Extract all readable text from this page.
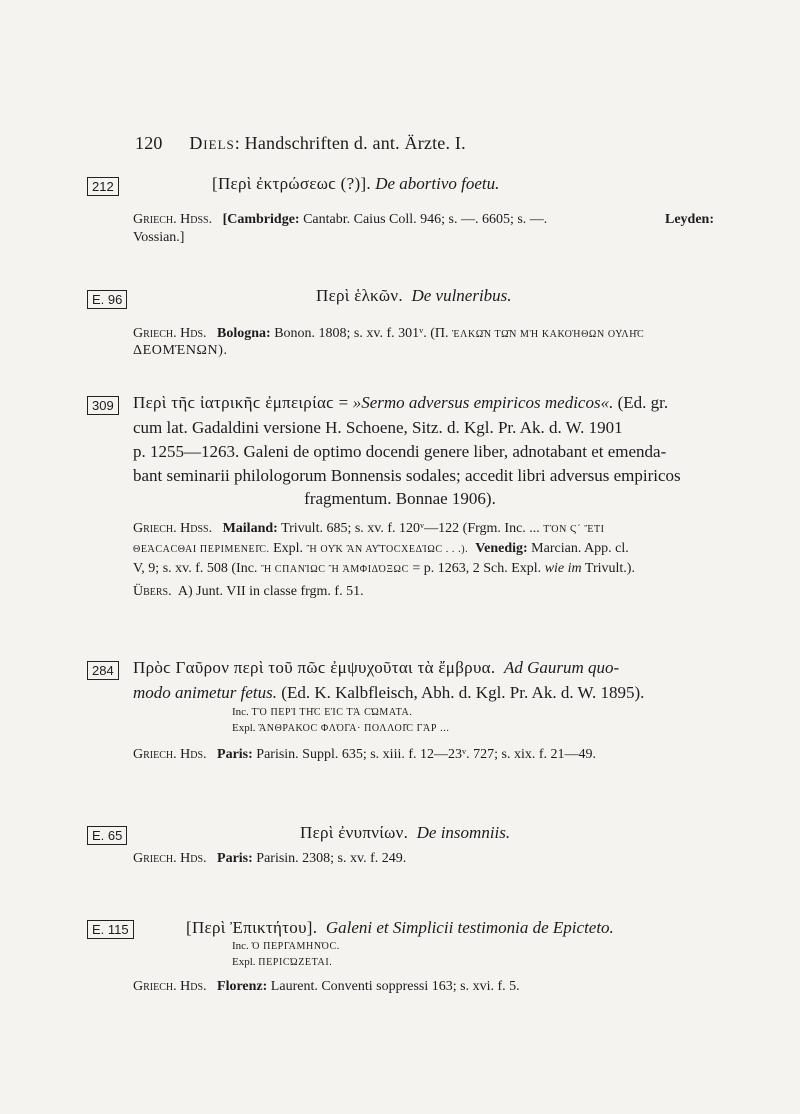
120 Diels: Handschriften d. ant. Ärzte. I.
212	[Περὶ ἐκτρώσεωϲ (?)]. De abortivo foetu.
Griech. Hdss. [Cambridge: Cantabr. Caius Coll. 946; s. —. 6605; s. —.	Leyden:
Vossian.]
E. 96	Περὶ ἑλκῶν. De vulneribus.
Griech. Hds. Bologna: Bonon. 1808; s. xv. f. 301ᵛ. (Π. ἙΛΚΩ͂Ν ΤΩ͂Ν ΜῊ ΚΑΚΟΉΘΩΝ ΟΥ̓ΛΗ͂Ϲ
ΔΕΟΜΈΝΩΝ).
309 Περὶ τῆϲ ἰατρικῆϲ ἐμπειρίαϲ = »Sermo adversus empiricos medicos«. (Ed. gr.
cum lat. Gadaldini versione H. Schoene, Sitz. d. Kgl. Pr. Ak. d. W. 1901
p. 1255—1263. Galeni de optimo docendi genere liber, adnotabant et emenda-
bant seminarii philologorum Bonnensis sodales; accedit libri adversus empiricos
fragmentum. Bonnae 1906).
Griech. Hdss. Mailand: Trivult. 685; s. xv. f. 120ᵛ—122 (Frgm. Inc. ... ΤῸΝ Ϛ´ ἜΤΙ
ΘΕΆϹΑϹΘΑΙ ΠΕΡΙΜΕΝΕΙ͂Ϲ. Expl. Ἢ ΟΥ̓Κ ἊΝ ΑΥ̓ΤΟϹΧΕΔΊΩϹ . . .). Venedig: Marcian. App. cl.
V, 9; s. xv. f. 508 (Inc. Ἢ ϹΠΑΝΊΩϹ Ἢ ἈΜΦΙΔΌΞΩϹ = p. 1263, 2 Sch. Expl. wie im Trivult.).
Übers. A) Junt. VII in classe frgm. f. 51.
284 Πρὸϲ Γαῦρον περὶ τοῦ πῶϲ ἐμψυχοῦται τὰ ἔμβρυα. Ad Gaurum quo-
modo animetur fetus. (Ed. K. Kalbfleisch, Abh. d. Kgl. Pr. Ak. d. W. 1895).
Inc. ΤῸ ΠΕΡῚ ΤΗ͂Ϲ ΕἸϹ ΤᾺ ϹΏΜΑΤΑ.
Expl. ἌΝΘΡΑΚΟϹ ΦΛΌΓΑ· ΠΟΛΛΟΙ͂Ϲ ΓᾺΡ ...
Griech. Hds. Paris: Parisin. Suppl. 635; s. xiii. f. 12—23ᵛ. 727; s. xix. f. 21—49.
E. 65	Περὶ ἐνυπνίων. De insomniis.
Griech. Hds. Paris: Parisin. 2308; s. xv. f. 249.
E. 115	[Περὶ Ἐπικτήτου]. Galeni et Simplicii testimonia de Epicteto.
Inc. Ὁ ΠΕΡΓΑΜΗΝΌϹ.
Expl. ΠΕΡΙϹΏΖΕΤΑΙ.
Griech. Hds. Florenz: Laurent. Conventi soppressi 163; s. xvi. f. 5.
